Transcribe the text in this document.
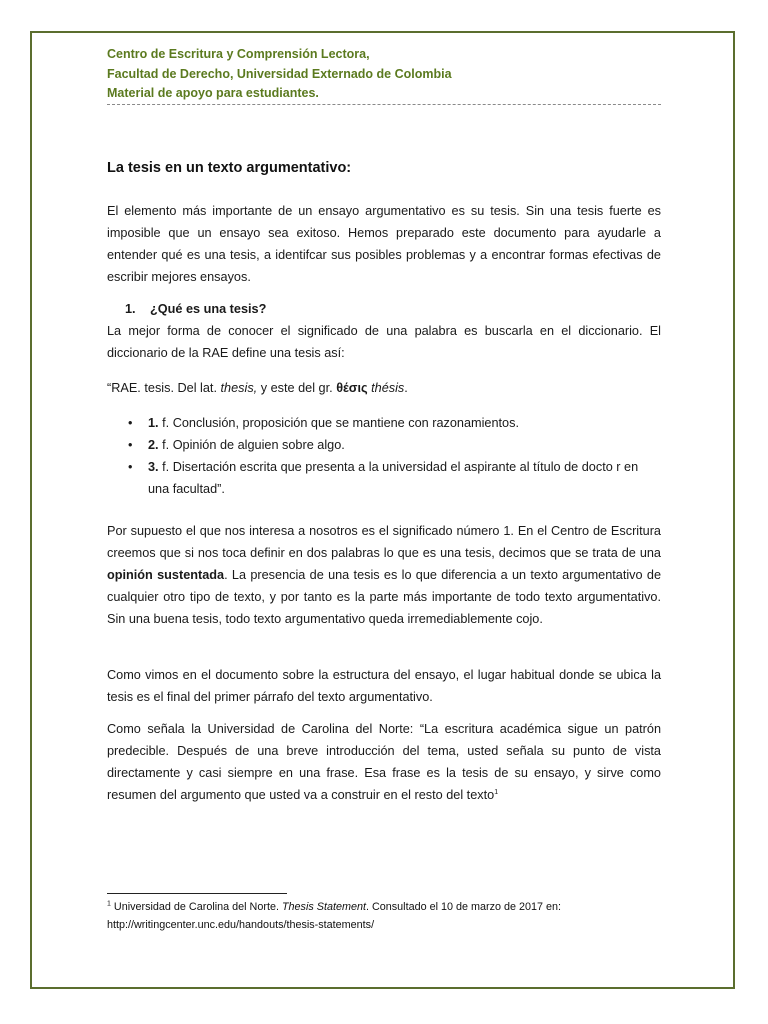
Centro de Escritura y Comprensión Lectora,
Facultad de Derecho, Universidad Externado de Colombia
Material de apoyo para estudiantes.
La tesis en un texto argumentativo:
El elemento más importante de un ensayo argumentativo es su tesis. Sin una tesis fuerte es imposible que un ensayo sea exitoso. Hemos preparado este documento para ayudarle a entender qué es una tesis, a identifcar sus posibles problemas y a encontrar formas efectivas de escribir mejores ensayos.
1. ¿Qué es una tesis?
La mejor forma de conocer el significado de una palabra es buscarla en el diccionario. El diccionario de la RAE define una tesis así:
“RAE. tesis. Del lat. thesis, y este del gr. θέσις thésis.
•	1. f. Conclusión, proposición que se mantiene con razonamientos.
•	2. f. Opinión de alguien sobre algo.
•	3. f. Disertación escrita que presenta a la universidad el aspirante al título de docto r en una facultad”.
Por supuesto el que nos interesa a nosotros es el significado número 1. En el Centro de Escritura creemos que si nos toca definir en dos palabras lo que es una tesis, decimos que se trata de una opinión sustentada. La presencia de una tesis es lo que diferencia a un texto argumentativo de cualquier otro tipo de texto, y por tanto es la parte más importante de todo texto argumentativo. Sin una buena tesis, todo texto argumentativo queda irremediablemente cojo.
Como vimos en el documento sobre la estructura del ensayo, el lugar habitual donde se ubica la tesis es el final del primer párrafo del texto argumentativo.
Como señala la Universidad de Carolina del Norte: “La escritura académica sigue un patrón predecible. Después de una breve introducción del tema, usted señala su punto de vista directamente y casi siempre en una frase. Esa frase es la tesis de su ensayo, y sirve como resumen del argumento que usted va a construir en el resto del texto$^1$
$^1$ Universidad de Carolina del Norte. Thesis Statement. Consultado el 10 de marzo de 2017 en:
http://writingcenter.unc.edu/handouts/thesis-statements/
